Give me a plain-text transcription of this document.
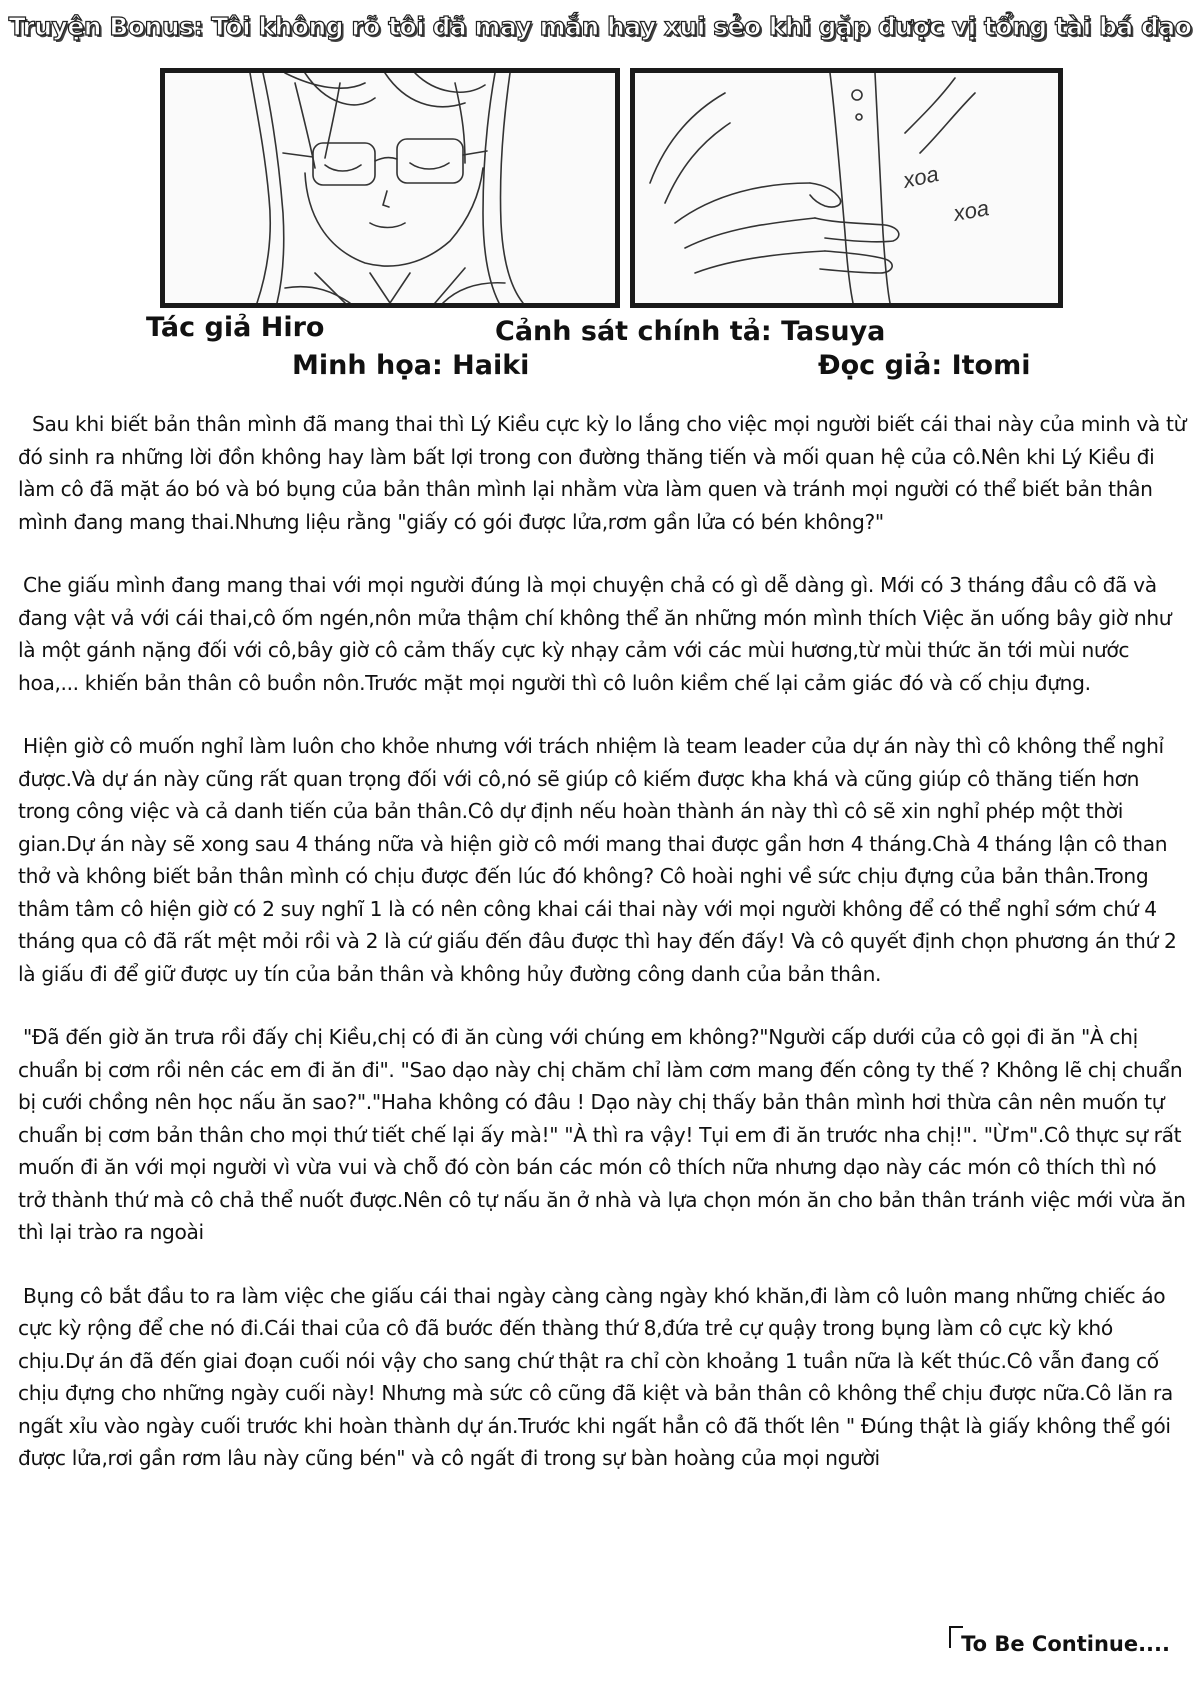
Truyện Bonus: Tôi không rõ tôi đã may mắn hay xui sẻo khi gặp được vị tổng tài bá đạo
xoa
xoa
Tác giả Hiro	Cảnh sát chính tả: Tasuya
Minh họa: Haiki	Đọc giả: Itomi

Sau khi biết bản thân mình đã mang thai thì Lý Kiều cực kỳ lo lắng cho việc mọi người biết cái thai này của minh và từ đó sinh ra những lời đồn không hay làm bất lợi trong con đường thăng tiến và mối quan hệ của cô.Nên khi Lý Kiều đi làm cô đã mặt áo bó và bó bụng của bản thân mình lại nhằm vừa làm quen và tránh mọi người có thể biết bản thân mình đang mang thai.Nhưng liệu rằng "giấy có gói được lửa,rơm gần lửa có bén không?"

Che giấu mình đang mang thai với mọi người đúng là mọi chuyện chả có gì dễ dàng gì. Mới có 3 tháng đầu cô đã và đang vật vả với cái thai,cô ốm ngén,nôn mửa thậm chí không thể ăn những món mình thích Việc ăn uống bây giờ như là một gánh nặng đối với cô,bây giờ cô cảm thấy cực kỳ nhạy cảm với các mùi hương,từ mùi thức ăn tới mùi nước hoa,... khiến bản thân cô buồn nôn.Trước mặt mọi người thì cô luôn kiềm chế lại cảm giác đó và cố chịu đựng.

Hiện giờ cô muốn nghỉ làm luôn cho khỏe nhưng với trách nhiệm là team leader của dự án này thì cô không thể nghỉ được.Và dự án này cũng rất quan trọng đối với cô,nó sẽ giúp cô kiếm được kha khá và cũng giúp cô thăng tiến hơn trong công việc và cả danh tiến của bản thân.Cô dự định nếu hoàn thành án này thì cô sẽ xin nghỉ phép một thời gian.Dự án này sẽ xong sau 4 tháng nữa và hiện giờ cô mới mang thai được gần hơn 4 tháng.Chà 4 tháng lận cô than thở và không biết bản thân mình có chịu được đến lúc đó không? Cô hoài nghi về sức chịu đựng của bản thân.Trong thâm tâm cô hiện giờ có 2 suy nghĩ 1 là có nên công khai cái thai này với mọi người không để có thể nghỉ sớm chứ 4 tháng qua cô đã rất mệt mỏi rồi và 2 là cứ giấu đến đâu được thì hay đến đấy! Và cô quyết định chọn phương án thứ 2 là giấu đi để giữ được uy tín của bản thân và không hủy đường công danh của bản thân.

"Đã đến giờ ăn trưa rồi đấy chị Kiều,chị có đi ăn cùng với chúng em không?"Người cấp dưới của cô gọi đi ăn "À chị chuẩn bị cơm rồi nên các em đi ăn đi". "Sao dạo này chị chăm chỉ làm cơm mang đến công ty thế ? Không lẽ chị chuẩn bị cưới chồng nên học nấu ăn sao?"."Haha không có đâu ! Dạo này chị thấy bản thân mình hơi thừa cân nên muốn tự chuẩn bị cơm bản thân cho mọi thứ tiết chế lại ấy mà!" "À thì ra vậy! Tụi em đi ăn trước nha chị!". "Ừm".Cô thực sự rất muốn đi ăn với mọi người vì vừa vui và chỗ đó còn bán các món cô thích nữa nhưng dạo này các món cô thích thì nó trở thành thứ mà cô chả thể nuốt được.Nên cô tự nấu ăn ở nhà và lựa chọn món ăn cho bản thân tránh việc mới vừa ăn thì lại trào ra ngoài

Bụng cô bắt đầu to ra làm việc che giấu cái thai ngày càng càng ngày khó khăn,đi làm cô luôn mang những chiếc áo cực kỳ rộng để che nó đi.Cái thai của cô đã bước đến thàng thứ 8,đứa trẻ cự quậy trong bụng làm cô cực kỳ khó chịu.Dự án đã đến giai đoạn cuối nói vậy cho sang chứ thật ra chỉ còn khoảng 1 tuần nữa là kết thúc.Cô vẫn đang cố chịu đựng cho những ngày cuối này! Nhưng mà sức cô cũng đã kiệt và bản thân cô không thể chịu được nữa.Cô lăn ra ngất xỉu vào ngày cuối trước khi hoàn thành dự án.Trước khi ngất hẳn cô đã thốt lên " Đúng thật là giấy không thể gói được lửa,rơi gần rơm lâu này cũng bén" và cô ngất đi trong sự bàn hoàng của mọi người

To Be Continue....
